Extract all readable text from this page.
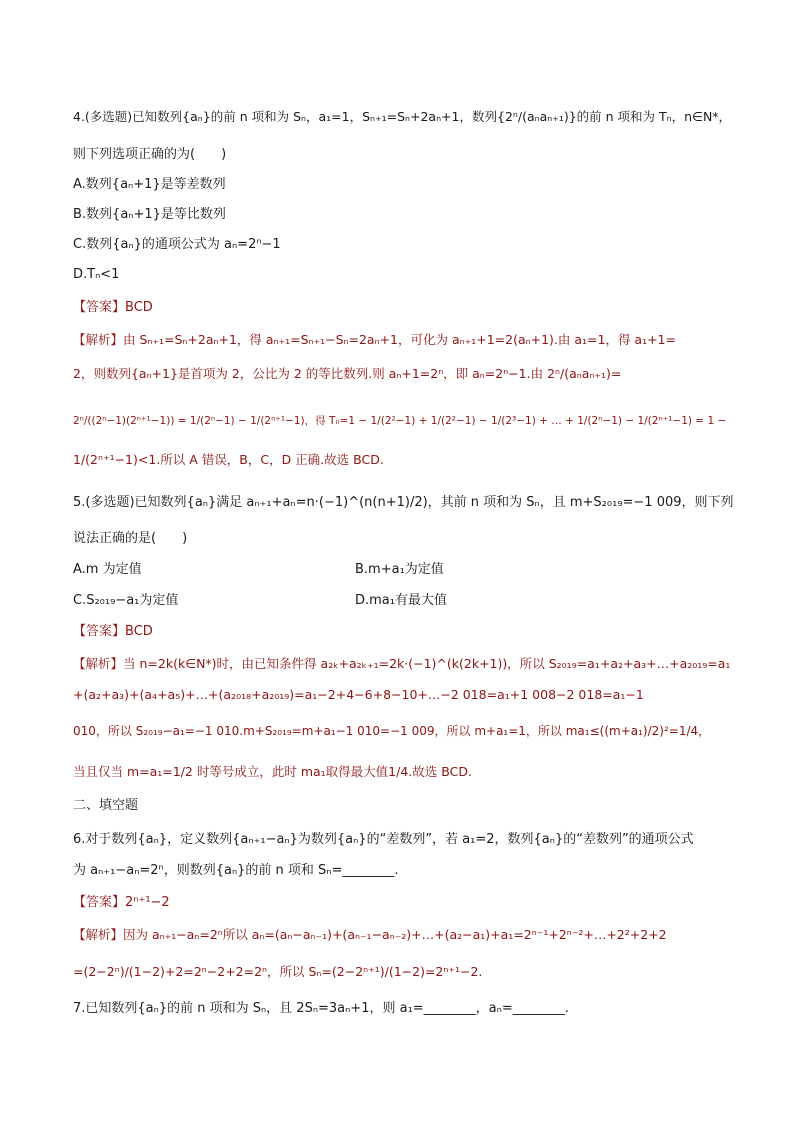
4.(多选题)已知数列{aₙ}的前 n 项和为 Sₙ，a₁=1，Sₙ₊₁=Sₙ+2aₙ+1，数列{2ⁿ/(aₙaₙ₊₁)}的前 n 项和为 Tₙ，n∈N*，
则下列选项正确的为(　　)
A.数列{aₙ+1}是等差数列
B.数列{aₙ+1}是等比数列
C.数列{aₙ}的通项公式为 aₙ=2ⁿ−1
D.Tₙ<1
【答案】BCD
【解析】由 Sₙ₊₁=Sₙ+2aₙ+1，得 aₙ₊₁=Sₙ₊₁−Sₙ=2aₙ+1，可化为 aₙ₊₁+1=2(aₙ+1).由 a₁=1，得 a₁+1=
2，则数列{aₙ+1}是首项为 2，公比为 2 的等比数列.则 aₙ+1=2ⁿ，即 aₙ=2ⁿ−1.由 2ⁿ/(aₙaₙ₊₁)=
2ⁿ/((2ⁿ−1)(2ⁿ⁺¹−1)) = 1/(2ⁿ−1) − 1/(2ⁿ⁺¹−1)，得 Tₙ=1 − 1/(2²−1) + 1/(2²−1) − 1/(2³−1) + … + 1/(2ⁿ−1) − 1/(2ⁿ⁺¹−1) = 1 −
1/(2ⁿ⁺¹−1)<1.所以 A 错误，B，C，D 正确.故选 BCD.
5.(多选题)已知数列{aₙ}满足 aₙ₊₁+aₙ=n·(−1)^(n(n+1)/2)，其前 n 项和为 Sₙ，且 m+S₂₀₁₉=−1 009，则下列
说法正确的是(　　)
A.m 为定值	B.m+a₁为定值
C.S₂₀₁₉−a₁为定值	D.ma₁有最大值
【答案】BCD
【解析】当 n=2k(k∈N*)时，由已知条件得 a₂ₖ+a₂ₖ₊₁=2k·(−1)^(k(2k+1))，所以 S₂₀₁₉=a₁+a₂+a₃+…+a₂₀₁₉=a₁
+(a₂+a₃)+(a₄+a₅)+…+(a₂₀₁₈+a₂₀₁₉)=a₁−2+4−6+8−10+…−2 018=a₁+1 008−2 018=a₁−1
010，所以 S₂₀₁₉−a₁=−1 010.m+S₂₀₁₉=m+a₁−1 010=−1 009，所以 m+a₁=1，所以 ma₁≤((m+a₁)/2)²=1/4，
当且仅当 m=a₁=1/2 时等号成立，此时 ma₁取得最大值1/4.故选 BCD.
二、填空题
6.对于数列{aₙ}，定义数列{aₙ₊₁−aₙ}为数列{aₙ}的“差数列”，若 a₁=2，数列{aₙ}的“差数列”的通项公式
为 aₙ₊₁−aₙ=2ⁿ，则数列{aₙ}的前 n 项和 Sₙ=________.
【答案】2ⁿ⁺¹−2
【解析】因为 aₙ₊₁−aₙ=2ⁿ所以 aₙ=(aₙ−aₙ₋₁)+(aₙ₋₁−aₙ₋₂)+…+(a₂−a₁)+a₁=2ⁿ⁻¹+2ⁿ⁻²+…+2²+2+2
=(2−2ⁿ)/(1−2)+2=2ⁿ−2+2=2ⁿ，所以 Sₙ=(2−2ⁿ⁺¹)/(1−2)=2ⁿ⁺¹−2.
7.已知数列{aₙ}的前 n 项和为 Sₙ，且 2Sₙ=3aₙ+1，则 a₁=________，aₙ=________.
